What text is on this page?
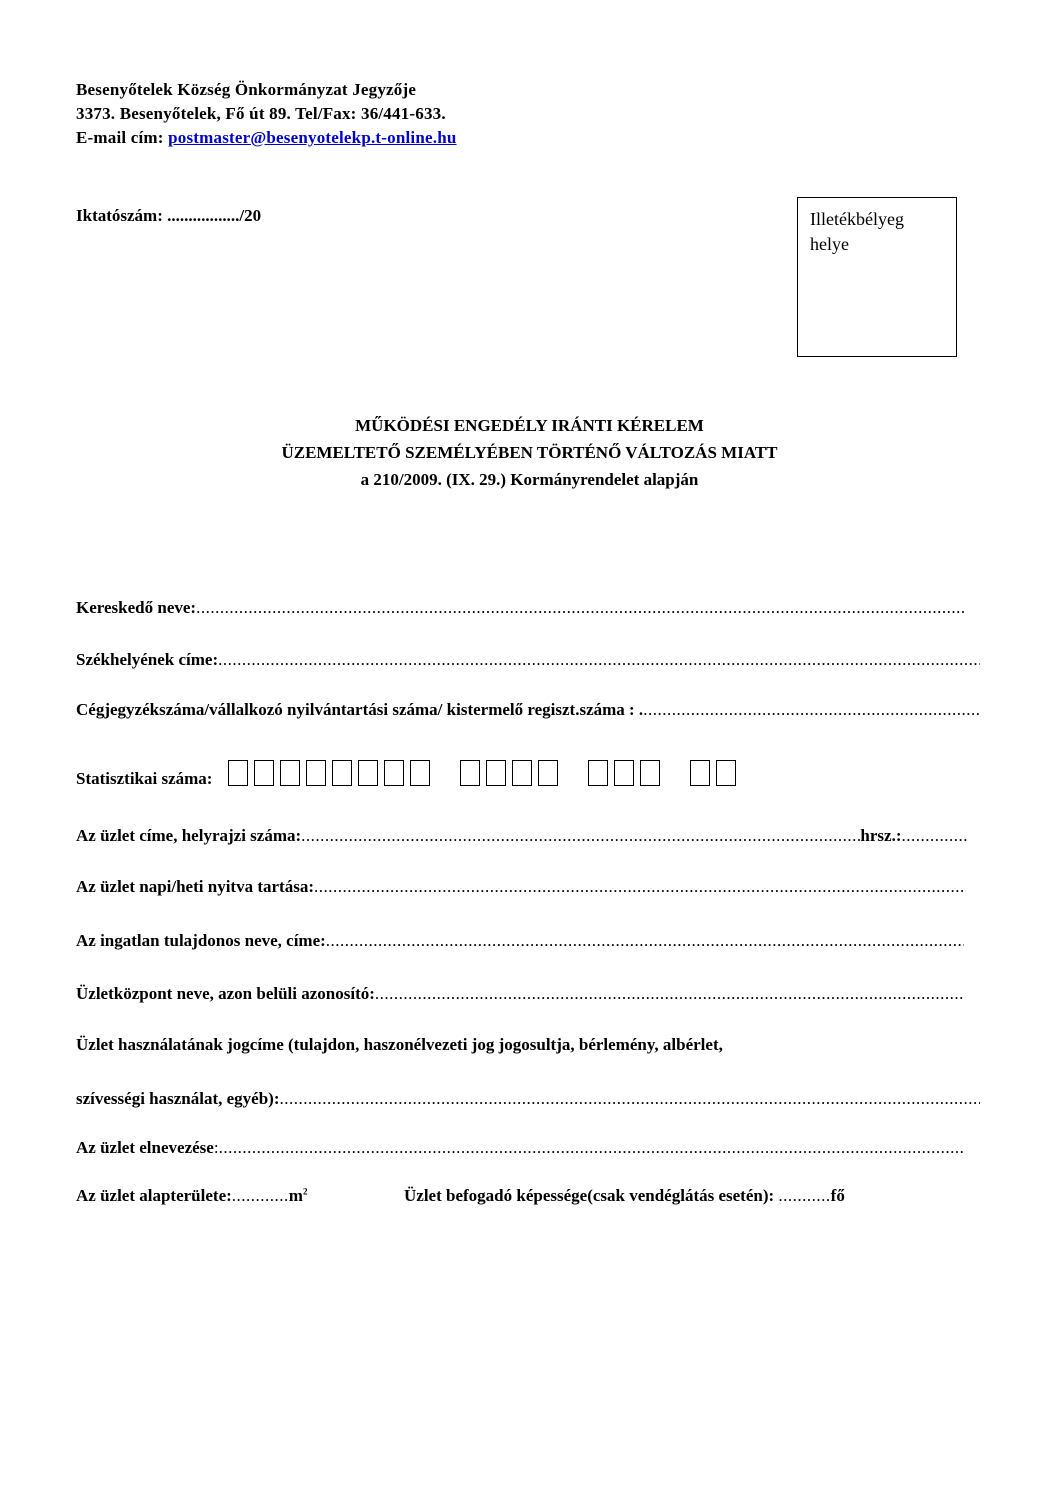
Besenyőtelek Község Önkormányzat Jegyzője
3373. Besenyőtelek, Fő út 89. Tel/Fax: 36/441-633.
E-mail cím: postmaster@besenyotelekp.t-online.hu
Iktatószám: ................./20	Illetékbélyeg
helye
MŰKÖDÉSI ENGEDÉLY IRÁNTI KÉRELEM
ÜZEMELTETŐ SZEMÉLYÉBEN TÖRTÉNŐ VÁLTOZÁS MIATT
a 210/2009. (IX. 29.) Kormányrendelet alapján
Kereskedő neve:
.....
Székhelyének címe:
.....
Cégjegyzékszáma/vállalkozó nyilvántartási száma/ kistermelő regiszt.száma : .
.....
Statisztikai száma:
Az üzlet címe, helyrajzi száma:
.....	hrsz.: ..............
Az üzlet napi/heti nyitva tartása:
.....
Az ingatlan tulajdonos neve, címe:
.....
Üzletközpont neve, azon belüli azonosító:
.....
Üzlet használatának jogcíme (tulajdon, haszonélvezeti jog jogosultja, bérlemény, albérlet,
szívességi használat, egyéb):
.....
Az üzlet elnevezése :
.....
Az üzlet $alapterülete:............m^2$	Üzlet befogadó képessége(csak vendéglátás esetén): ...........fő
